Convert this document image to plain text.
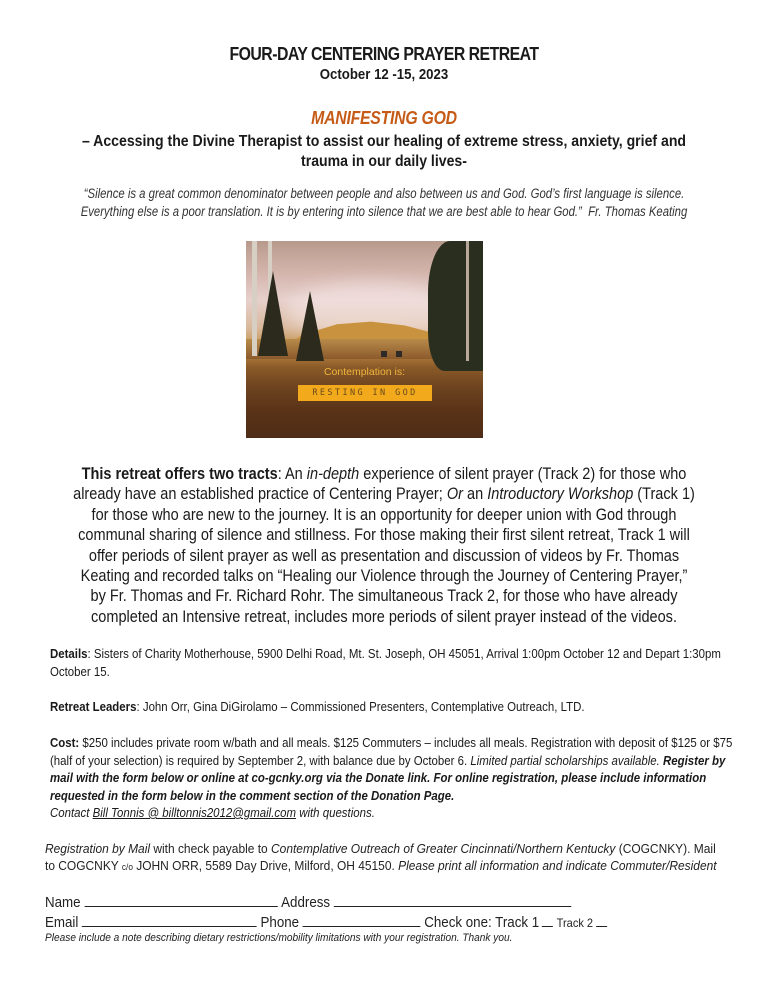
FOUR-DAY CENTERING PRAYER RETREAT
October 12 -15, 2023
MANIFESTING GOD
– Accessing the Divine Therapist to assist our healing of extreme stress, anxiety, grief and trauma in our daily lives-
“Silence is a great common denominator between people and also between us and God. God’s first language is silence.
Everything else is a poor translation. It is by entering into silence that we are best able to hear God.” Fr. Thomas Keating
Contemplation is:
RESTING IN GOD
This retreat offers two tracts: An in-depth experience of silent prayer (Track 2) for those who already have an established practice of Centering Prayer; Or an Introductory Workshop (Track 1) for those who are new to the journey. It is an opportunity for deeper union with God through communal sharing of silence and stillness. For those making their first silent retreat, Track 1 will offer periods of silent prayer as well as presentation and discussion of videos by Fr. Thomas Keating and recorded talks on “Healing our Violence through the Journey of Centering Prayer,” by Fr. Thomas and Fr. Richard Rohr. The simultaneous Track 2, for those who have already completed an Intensive retreat, includes more periods of silent prayer instead of the videos.
Details: Sisters of Charity Motherhouse, 5900 Delhi Road, Mt. St. Joseph, OH 45051, Arrival 1:00pm October 12 and Depart 1:30pm October 15.
Retreat Leaders: John Orr, Gina DiGirolamo – Commissioned Presenters, Contemplative Outreach, LTD.
Cost: $250 includes private room w/bath and all meals. $125 Commuters – includes all meals. Registration with deposit of $125 or $75 (half of your selection) is required by September 2, with balance due by October 6. Limited partial scholarships available. Register by mail with the form below or online at co-gcnky.org via the Donate link. For online registration, please include information requested in the form below in the comment section of the Donation Page.
Contact Bill Tonnis @ billtonnis2012@gmail.com with questions.
Registration by Mail with check payable to Contemplative Outreach of Greater Cincinnati/Northern Kentucky (COGCNKY). Mail to COGCNKY c/o JOHN ORR, 5589 Day Drive, Milford, OH 45150. Please print all information and indicate Commuter/Resident
Name	Address
Email	Phone	Check one: Track 1 Track 2
Please include a note describing dietary restrictions/mobility limitations with your registration. Thank you.
